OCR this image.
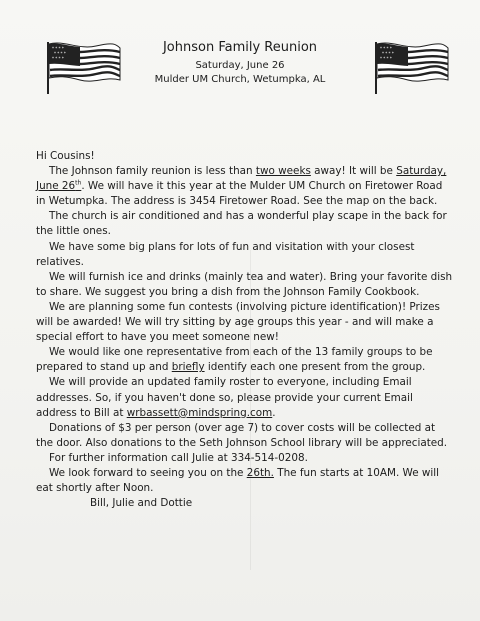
* * * *
* * * *
* * * *
Johnson Family Reunion
Saturday, June 26
Mulder UM Church, Wetumpka, AL
* * * *
* * * *
* * * *

Hi Cousins!

The Johnson family reunion is less than two weeks away! It will be Saturday, June 26th. We will have it this year at the Mulder UM Church on Firetower Road in Wetumpka. The address is 3454 Firetower Road. See the map on the back.

The church is air conditioned and has a wonderful play scape in the back for the little ones.

We have some big plans for lots of fun and visitation with your closest relatives.

We will furnish ice and drinks (mainly tea and water). Bring your favorite dish to share. We suggest you bring a dish from the Johnson Family Cookbook.

We are planning some fun contests (involving picture identification)! Prizes will be awarded! We will try sitting by age groups this year - and will make a special effort to have you meet someone new!

We would like one representative from each of the 13 family groups to be prepared to stand up and briefly identify each one present from the group.

We will provide an updated family roster to everyone, including Email addresses. So, if you haven't done so, please provide your current Email address to Bill at wrbassett@mindspring.com.

Donations of $3 per person (over age 7) to cover costs will be collected at the door. Also donations to the Seth Johnson School library will be appreciated.

For further information call Julie at 334-514-0208.

We look forward to seeing you on the 26th. The fun starts at 10AM. We will eat shortly after Noon.

Bill, Julie and Dottie
